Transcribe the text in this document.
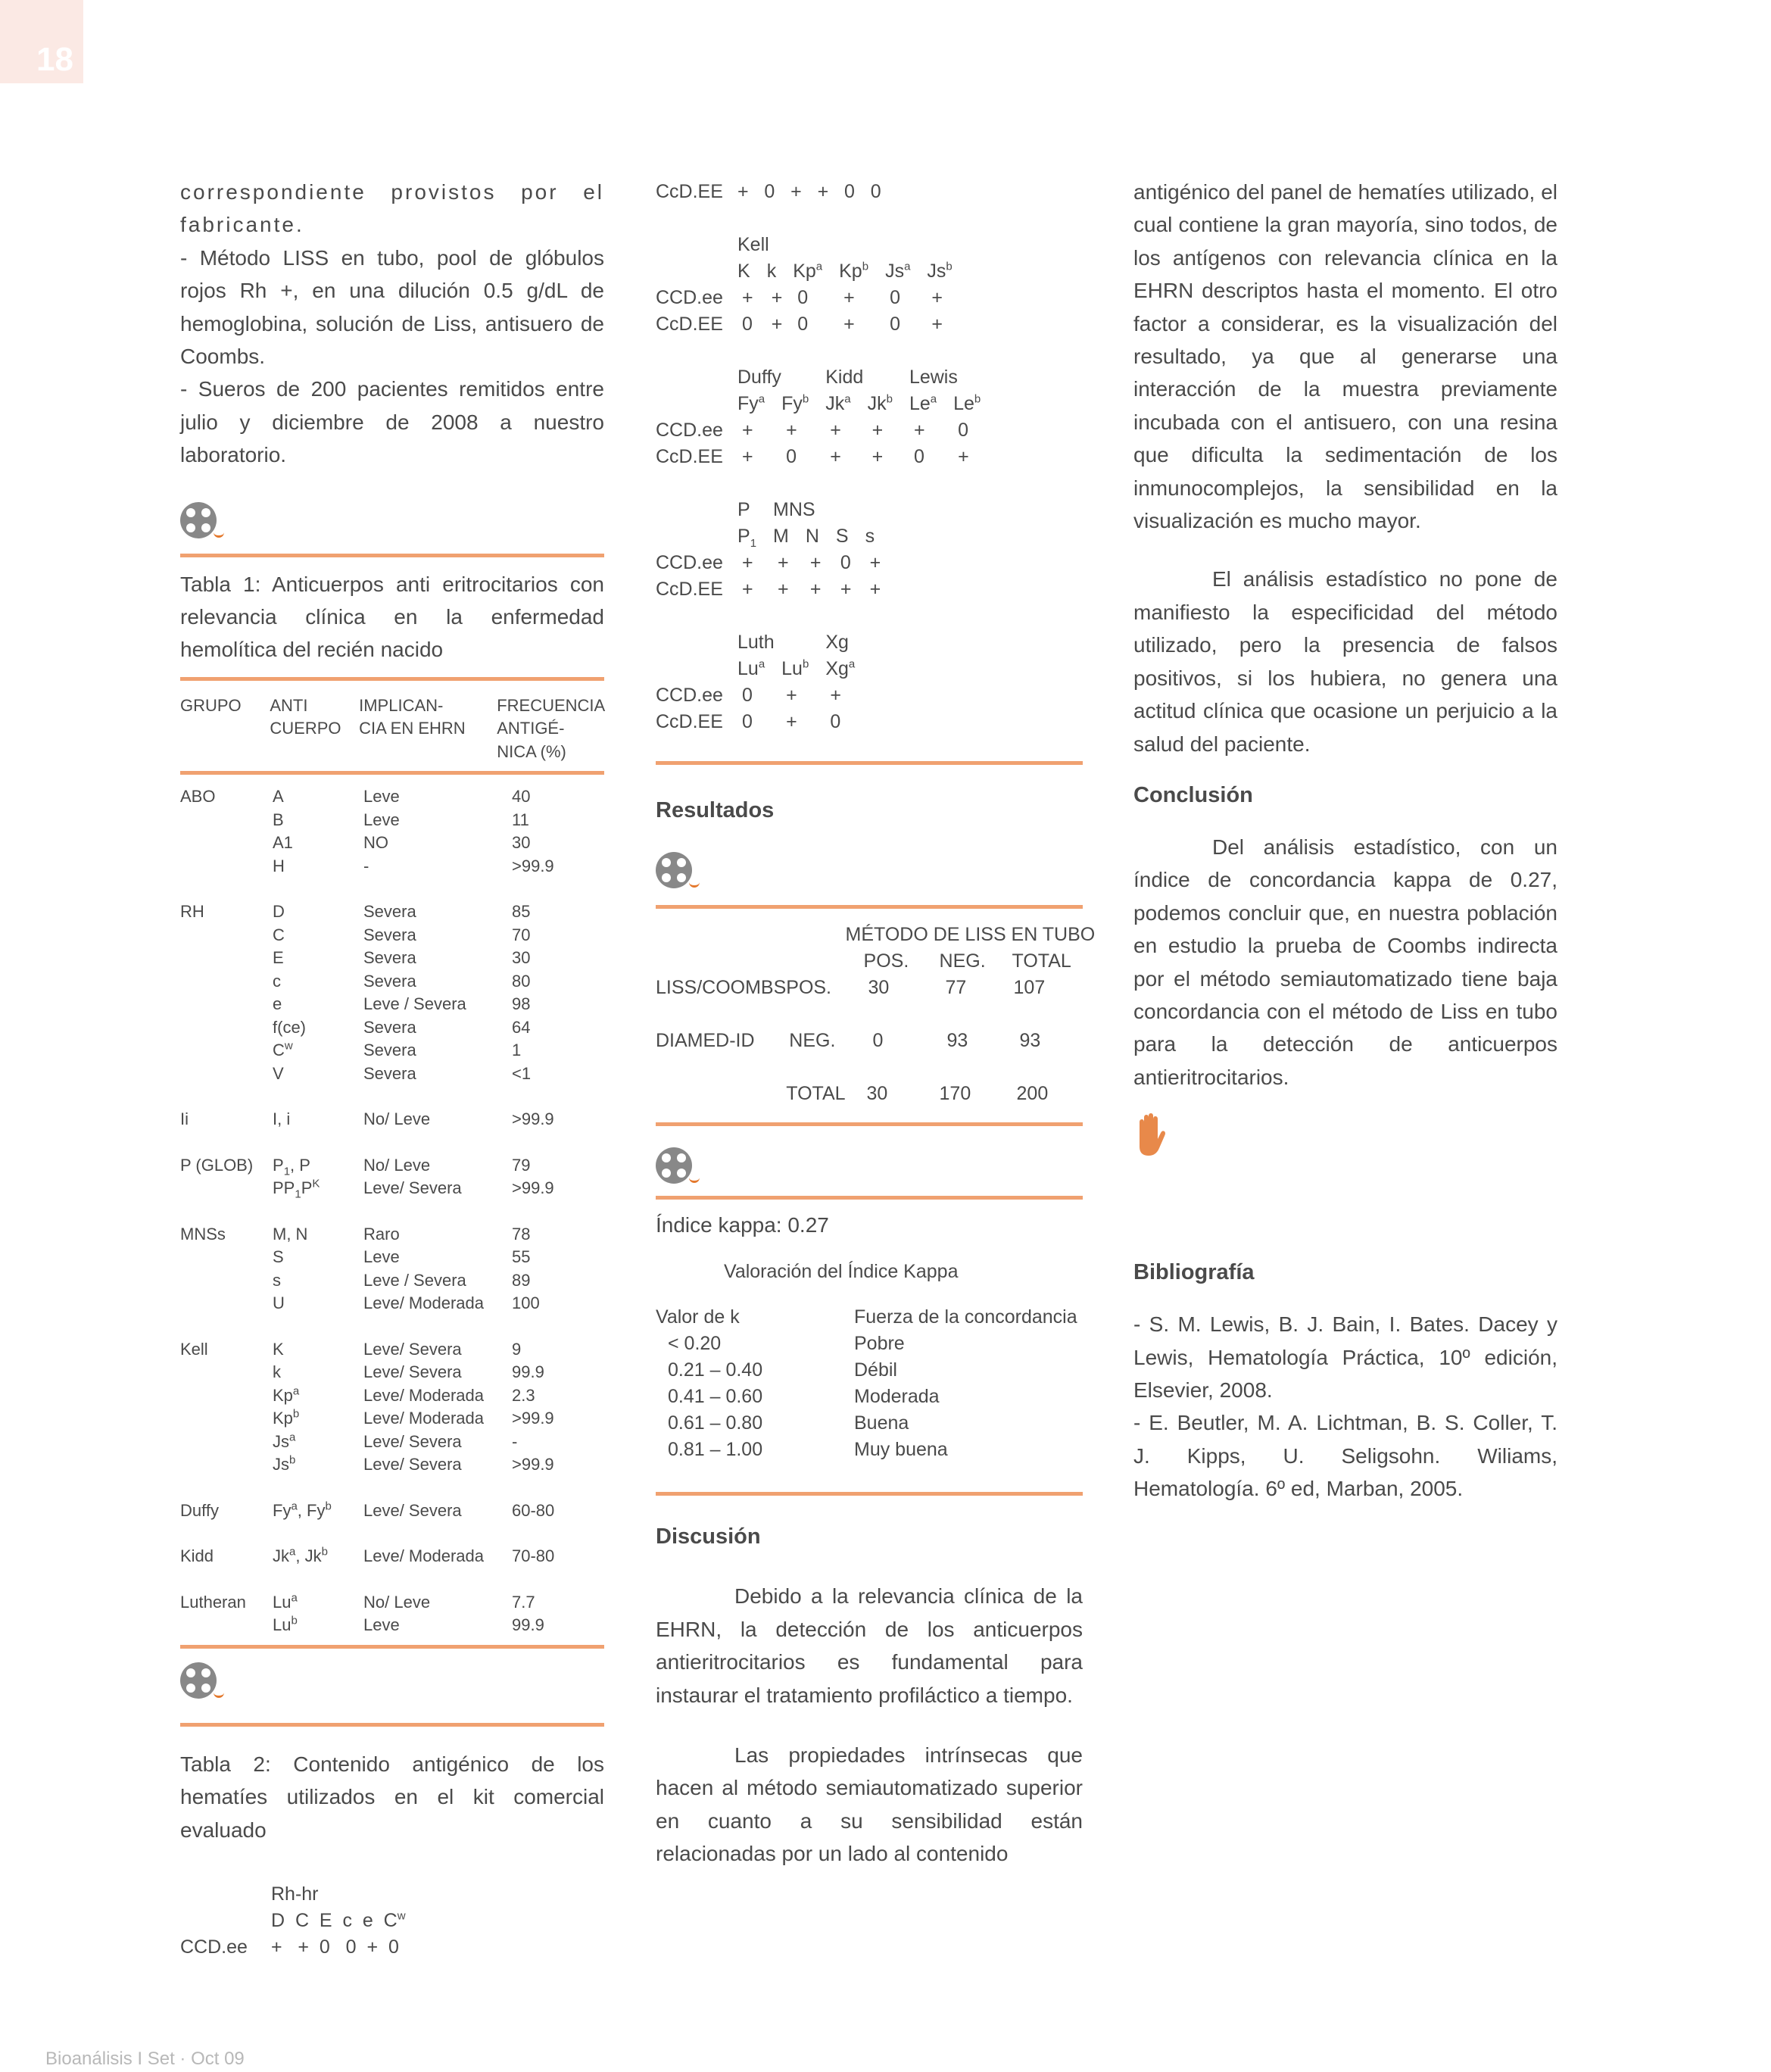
18

correspondiente provistos por el fabricante.

- Método LISS en tubo, pool de glóbulos rojos Rh +, en una dilución 0.5 g/dL de hemoglobina, solución de Liss, antisuero de Coombs.

- Sueros de 200 pacientes remitidos entre julio y diciembre de 2008 a nuestro laboratorio.

Tabla 1: Anticuerpos anti eritrocitarios con relevancia clínica en la enfermedad hemolítica del recién nacido

GRUPO	ANTI CUERPO	IMPLICAN- CIA EN EHRN	FRECUENCIA ANTIGÉ- NICA (%)
ABO	A	Leve	40
	B	Leve	11
	A1	NO	30
	H	-	>99.9

RH	D	Severa	85
	C	Severa	70
	E	Severa	30
	c	Severa	80
	e	Leve / Severa	98
	f(ce)	Severa	64
	$C^w$	Severa	1
	V	Severa	<1

Ii	I, i	No/ Leve	>99.9

P (GLOB)	$P_1$, P	No/ Leve	79
	$PP_1P^K$	Leve/ Severa	>99.9

MNSs	M, N	Raro	78
	S	Leve	55
	s	Leve / Severa	89
	U	Leve/ Moderada	100

Kell	K	Leve/ Severa	9
	k	Leve/ Severa	99.9
	Kp$^a$	Leve/ Moderada	2.3
	Kp$^b$	Leve/ Moderada	>99.9
	Js$^a$	Leve/ Severa	-
	Js$^b$	Leve/ Severa	>99.9

Duffy	Fy$^a$, Fy$^b$	Leve/ Severa	60-80

Kidd	Jk$^a$, Jk$^b$	Leve/ Moderada	70-80

Lutheran	Lu$^a$	No/ Leve	7.7
	Lu$^b$	Leve	99.9

Tabla 2: Contenido antigénico de los hematíes utilizados en el kit comercial evaluado

	Rh-hr
	D  C  E  c  e  $C^w$
CCD.ee	+   +  0   0  +  0
CcD.EE	+   0   +   +   0   0
	Kell					
	K	k	Kp$^a$	Kp$^b$	Js$^a$	Js$^b$
CCD.ee	+	+	0	+	0	+
CcD.EE	0	+	0	+	0	+
	Duffy		Kidd		Lewis	
	Fy$^a$	Fy$^b$	Jk$^a$	Jk$^b$	Le$^a$	Le$^b$
CCD.ee	+	+	+	+	+	0
CcD.EE	+	0	+	+	0	+
	P	MNS			
	$P_1$	M	N	S	s
CCD.ee	+	+	+	0	+
CcD.EE	+	+	+	+	+
	Luth		Xg
	Lu$^a$	Lu$^b$	Xg$^a$
CCD.ee	0	+	+
CcD.EE	0	+	0
Resultados
		MÉTODO DE LISS EN TUBO		
		POS.	NEG.	TOTAL
LISS/COOMBS	POS.	30	77	107

DIAMED-ID	NEG.	0	93	93

	TOTAL	30	170	200

Índice kappa: 0.27

Valoración del Índice Kappa
Valor de k	Fuerza de la concordancia
< 0.20	Pobre
0.21 – 0.40	Débil
0.41 – 0.60	Moderada
0.61 – 0.80	Buena
0.81 – 1.00	Muy buena
Discusión

Debido a la relevancia clínica de la EHRN, la detección de los anticuerpos antieritrocitarios es fundamental para instaurar el tratamiento profiláctico a tiempo.

Las propiedades intrínsecas que hacen al método semiautomatizado superior en cuanto a su sensibilidad están relacionadas por un lado al contenido

antigénico del panel de hematíes utilizado, el cual contiene la gran mayoría, sino todos, de los antígenos con relevancia clínica en la EHRN descriptos hasta el momento. El otro factor a considerar, es la visualización del resultado, ya que al generarse una interacción de la muestra previamente incubada con el antisuero, con una resina que dificulta la sedimentación de los inmunocomplejos, la sensibilidad en la visualización es mucho mayor.

El análisis estadístico no pone de manifiesto la especificidad del método utilizado, pero la presencia de falsos positivos, si los hubiera, no genera una actitud clínica que ocasione un perjuicio a la salud del paciente.

Conclusión

Del análisis estadístico, con un índice de concordancia kappa de 0.27, podemos concluir que, en nuestra población en estudio la prueba de Coombs indirecta por el método semiautomatizado tiene baja concordancia con el método de Liss en tubo para la detección de anticuerpos antieritrocitarios.

Bibliografía

- S. M. Lewis, B. J. Bain, I. Bates. Dacey y Lewis, Hematología Práctica, 10º edición, Elsevier, 2008.

- E. Beutler, M. A. Lichtman, B. S. Coller, T. J. Kipps, U. Seligsohn. Wiliams, Hematología. 6º ed, Marban, 2005.

Bioanálisis I Set · Oct 09
